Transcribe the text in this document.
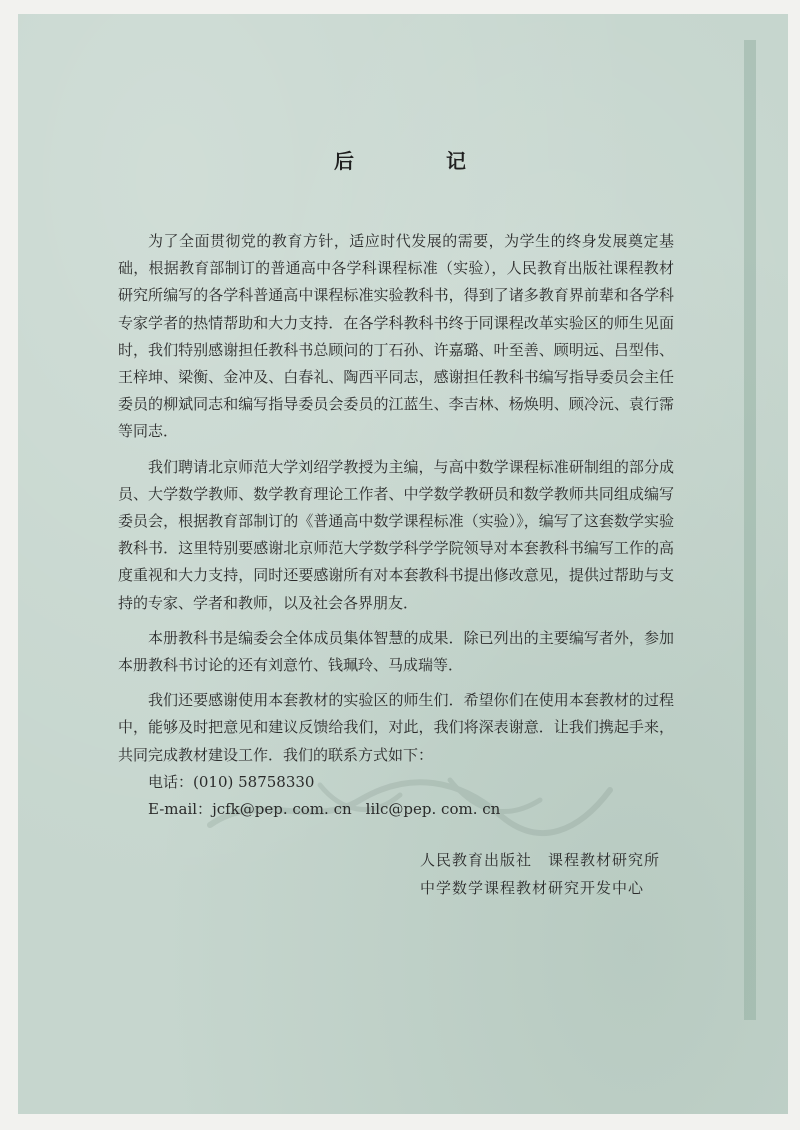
后　记

为了全面贯彻党的教育方针，适应时代发展的需要，为学生的终身发展奠定基础，根据教育部制订的普通高中各学科课程标准（实验），人民教育出版社课程教材研究所编写的各学科普通高中课程标准实验教科书，得到了诸多教育界前辈和各学科专家学者的热情帮助和大力支持．在各学科教科书终于同课程改革实验区的师生见面时，我们特别感谢担任教科书总顾问的丁石孙、许嘉璐、叶至善、顾明远、吕型伟、王梓坤、梁衡、金冲及、白春礼、陶西平同志，感谢担任教科书编写指导委员会主任委员的柳斌同志和编写指导委员会委员的江蓝生、李吉林、杨焕明、顾冷沅、袁行霈等同志．

我们聘请北京师范大学刘绍学教授为主编，与高中数学课程标准研制组的部分成员、大学数学教师、数学教育理论工作者、中学数学教研员和数学教师共同组成编写委员会，根据教育部制订的《普通高中数学课程标准（实验）》，编写了这套数学实验教科书．这里特别要感谢北京师范大学数学科学学院领导对本套教科书编写工作的高度重视和大力支持，同时还要感谢所有对本套教科书提出修改意见，提供过帮助与支持的专家、学者和教师，以及社会各界朋友．

本册教科书是编委会全体成员集体智慧的成果．除已列出的主要编写者外，参加本册教科书讨论的还有刘意竹、钱珮玲、马成瑞等．

我们还要感谢使用本套教材的实验区的师生们．希望你们在使用本套教材的过程中，能够及时把意见和建议反馈给我们，对此，我们将深表谢意．让我们携起手来，共同完成教材建设工作．我们的联系方式如下：

电话：(010) 58758330
E-mail：jcfk@pep. com. cn lilc@pep. com. cn
人民教育出版社　课程教材研究所
中学数学课程教材研究开发中心
